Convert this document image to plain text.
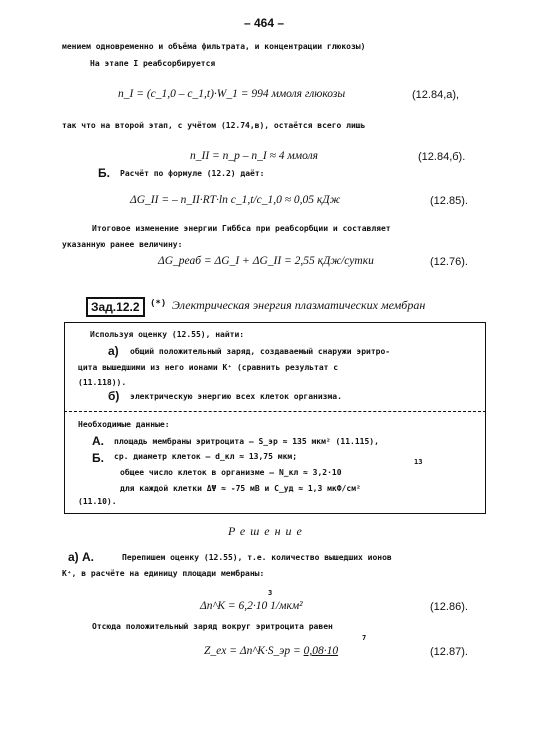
– 464 –
мением одновременно и объёма фильтрата, и концентрации глюкозы)
На этапе I реабсорбируется
n_I = (c_1,0 – c_1,t)·W_1 = 994 ммоля глюкозы	(12.84,а),
так что на второй этап, с учётом (12.74,в), остаётся всего лишь
n_II = n_p – n_I ≈ 4 ммоля	(12.84,б).
Б. Расчёт по формуле (12.2) даёт:
ΔG_II = – n_II·RT·ln c_1,t/c_1,0 ≈ 0,05 кДж	(12.85).
Итоговое изменение энергии Гиббса при реабсорбции и составляет
указанную ранее величину:
ΔG_реаб = ΔG_I + ΔG_II = 2,55 кДж/сутки	(12.76).
Зад.12.2	(*) Электрическая энергия плазматических мембран
Используя оценку (12.55), найти:
а) общий положительный заряд, создаваемый снаружи эритро-
цита вышедшими из него ионами K⁺ (сравнить результат с
(11.118)).
б) электрическую энергию всех клеток организма.
Необходимые данные:
А. площадь мембраны эритроцита – S_эр ≈ 135 мкм² (11.115),
Б. ср. диаметр клеток – d_кл ≈ 13,75 мкм;
13
общее число клеток в организме – N_кл ≈ 3,2·10
для каждой клетки ΔΨ ≈ -75 мВ и C_уд ≈ 1,3 мкФ/см²
(11.10).
Решение
а) А.	Перепишем оценку (12.55), т.е. количество вышедших ионов
K⁺, в расчёте на единицу площади мембраны:
3
Δn^K = 6,2·10 1/мкм²	(12.86).
Отсюда положительный заряд вокруг эритроцита равен
7
Z_ex = Δn^K·S_эр = 0,08·10	(12.87).
